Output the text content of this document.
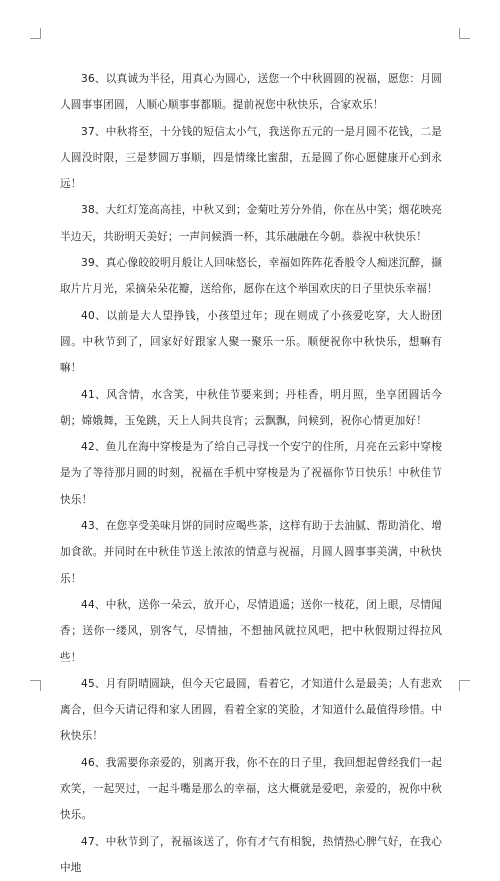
36、以真诚为半径，用真心为圆心，送您一个中秋圆圆的祝福，愿您：月圆人圆事事团圆，人顺心顺事事都顺。提前祝您中秋快乐，合家欢乐！

37、中秋将至，十分钱的短信太小气，我送你五元的一是月圆不花钱，二是人圆没时限，三是梦圆万事顺，四是情缘比蜜甜，五是圆了你心愿健康开心到永远！

38、大红灯笼高高挂，中秋又到；金菊吐芳分外俏，你在丛中笑；烟花映亮半边天，共盼明天美好；一声问候酒一杯，其乐融融在今朝。恭祝中秋快乐！

39、真心像皎皎明月般让人回味悠长，幸福如阵阵花香般令人痴迷沉醉，撷取片片月光，采摘朵朵花瓣，送给你，愿你在这个举国欢庆的日子里快乐幸福！

40、以前是大人望挣钱，小孩望过年；现在则成了小孩爱吃穿，大人盼团圆。中秋节到了，回家好好跟家人聚一聚乐一乐。顺便祝你中秋快乐，想嘛有嘛！

41、风含情，水含笑，中秋佳节要来到；丹桂香，明月照，坐享团圆话今朝；嫦娥舞，玉兔跳，天上人间共良宵；云飘飘，问候到，祝你心情更加好！

42、鱼儿在海中穿梭是为了给自己寻找一个安宁的住所，月亮在云彩中穿梭是为了等待那月圆的时刻，祝福在手机中穿梭是为了祝福你节日快乐！中秋佳节快乐！

43、在您享受美味月饼的同时应喝些茶，这样有助于去油腻、帮助消化、增加食欲。并同时在中秋佳节送上浓浓的情意与祝福，月圆人圆事事美满，中秋快乐！

44、中秋，送你一朵云，放开心，尽情逍遥；送你一枝花，闭上眼，尽情闻香；送你一缕风，别客气，尽情抽，不想抽风就拉风吧，把中秋假期过得拉风些！

45、月有阴晴圆缺，但今天它最圆，看着它，才知道什么是最美；人有悲欢离合，但今天请记得和家人团圆，看着全家的笑脸，才知道什么最值得珍惜。中秋快乐！

46、我需要你亲爱的，别离开我，你不在的日子里，我回想起曾经我们一起欢笑，一起哭过，一起斗嘴是那么的幸福，这大概就是爱吧，亲爱的，祝你中秋快乐。

47、中秋节到了，祝福该送了，你有才气有相貌，热情热心脾气好，在我心中地
